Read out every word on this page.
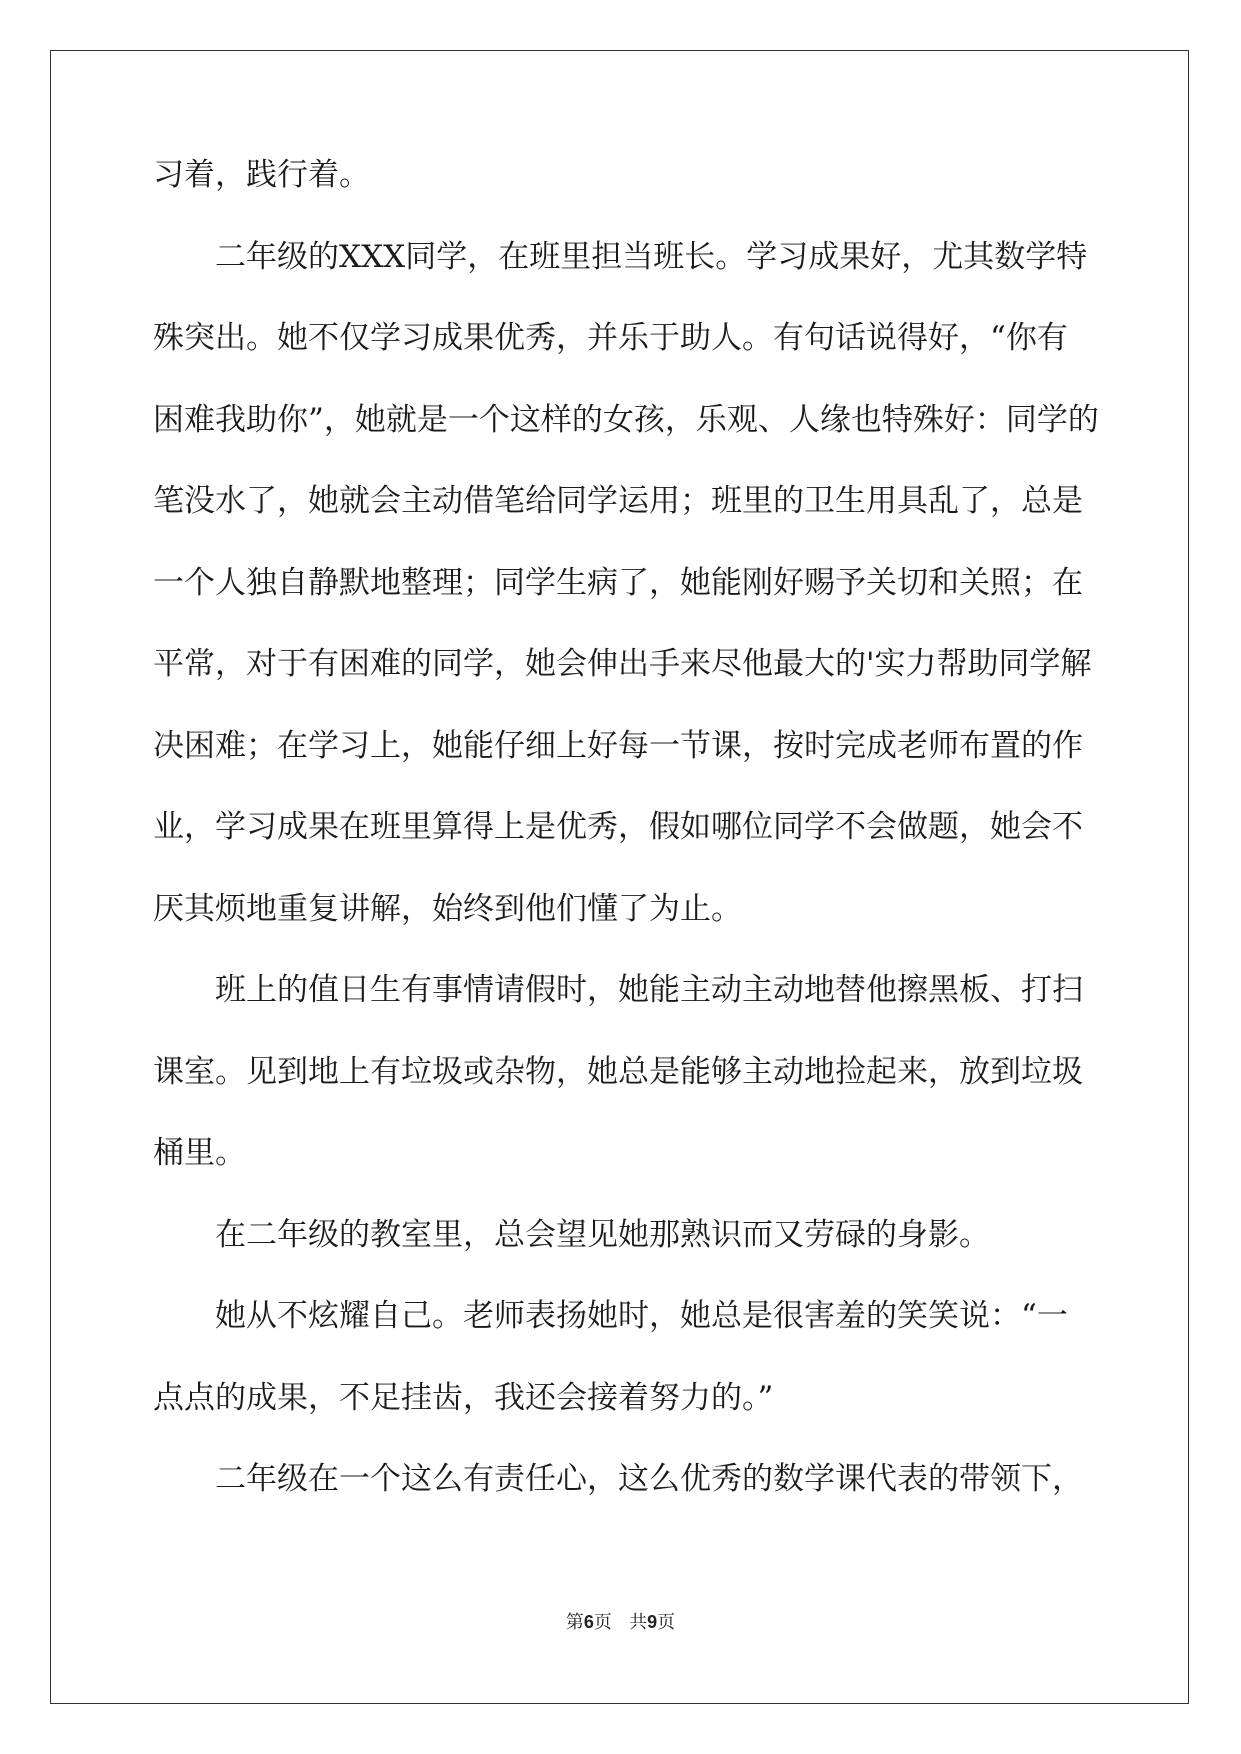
习着，践行着。
二年级的XXX同学，在班里担当班长。学习成果好，尤其数学特
殊突出。她不仅学习成果优秀，并乐于助人。有句话说得好，“你有
困难我助你”，她就是一个这样的女孩，乐观、人缘也特殊好：同学的
笔没水了，她就会主动借笔给同学运用；班里的卫生用具乱了，总是
一个人独自静默地整理；同学生病了，她能刚好赐予关切和关照；在
平常，对于有困难的同学，她会伸出手来尽他最大的'实力帮助同学解
决困难；在学习上，她能仔细上好每一节课，按时完成老师布置的作
业，学习成果在班里算得上是优秀，假如哪位同学不会做题，她会不
厌其烦地重复讲解，始终到他们懂了为止。
班上的值日生有事情请假时，她能主动主动地替他擦黑板、打扫
课室。见到地上有垃圾或杂物，她总是能够主动地捡起来，放到垃圾
桶里。
在二年级的教室里，总会望见她那熟识而又劳碌的身影。
她从不炫耀自己。老师表扬她时，她总是很害羞的笑笑说：“一
点点的成果，不足挂齿，我还会接着努力的。”
二年级在一个这么有责任心，这么优秀的数学课代表的带领下，
第6页   共9页
